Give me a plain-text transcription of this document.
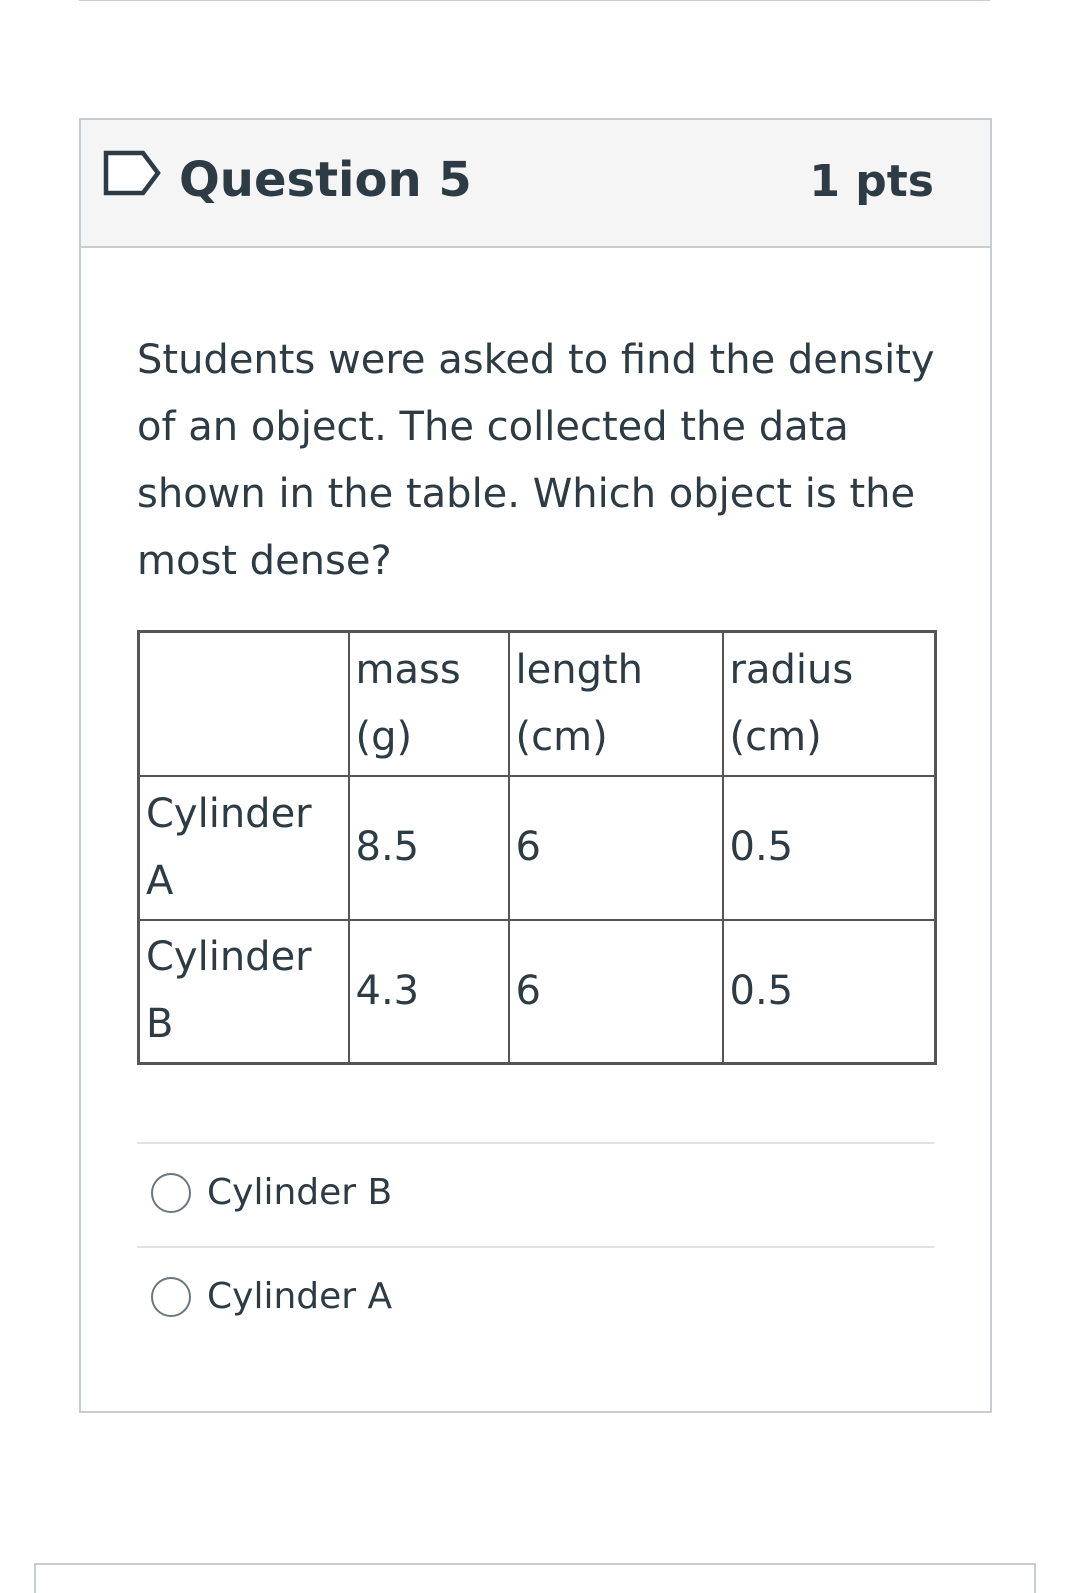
Question 5	1 pts

Students were asked to find the density of an object. The collected the data shown in the table. Which object is the most dense?

	mass (g)	length (cm)	radius (cm)
Cylinder A	8.5	6	0.5
Cylinder B	4.3	6	0.5
Cylinder B
Cylinder A
